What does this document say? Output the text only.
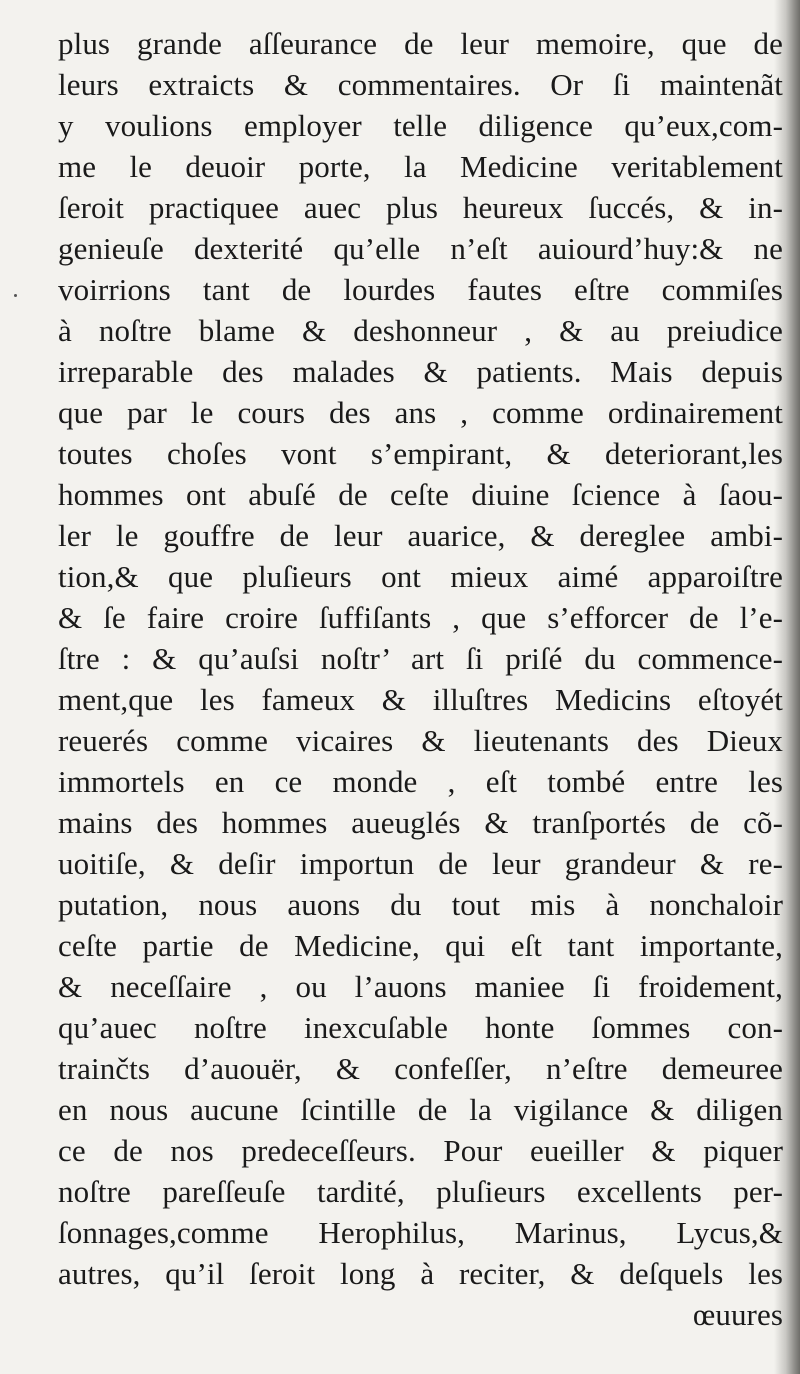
plus grande aſſeurance de leur memoire, que de
leurs extraicts & commentaires. Or ſi maintenãt
y voulions employer telle diligence qu’eux,com-
me le deuoir porte, la Medicine veritablement
ſeroit practiquee auec plus heureux ſuccés, & in-
genieuſe dexterité qu’elle n’eſt auiourd’huy:& ne
voirrions tant de lourdes fautes eſtre commiſes
à noſtre blame & deshonneur , & au preiudice
irreparable des malades & patients. Mais depuis
que par le cours des ans , comme ordinairement
toutes choſes vont s’empirant, & deteriorant,les
hommes ont abuſé de ceſte diuine ſcience à ſaou-
ler le gouffre de leur auarice, & dereglee ambi-
tion,& que pluſieurs ont mieux aimé apparoiſtre
& ſe faire croire ſuffiſants , que s’efforcer de l’e-
ſtre : & qu’auſsi noſtr’ art ſi priſé du commence-
ment,que les fameux & illuſtres Medicins eſtoyét
reuerés comme vicaires & lieutenants des Dieux
immortels en ce monde , eſt tombé entre les
mains des hommes aueuglés & tranſportés de cõ-
uoitiſe, & deſir importun de leur grandeur & re-
putation, nous auons du tout mis à nonchaloir
ceſte partie de Medicine, qui eſt tant importante,
& neceſſaire , ou l’auons maniee ſi froidement,
qu’auec noſtre inexcuſable honte ſommes con-
trainčts d’auouër, & confeſſer, n’eſtre demeuree
en nous aucune ſcintille de la vigilance & diligen
ce de nos predeceſſeurs. Pour eueiller & piquer
noſtre pareſſeuſe tardité, pluſieurs excellents per-
ſonnages,comme Herophilus, Marinus, Lycus,&
autres, qu’il ſeroit long à reciter, & deſquels les
œuures
